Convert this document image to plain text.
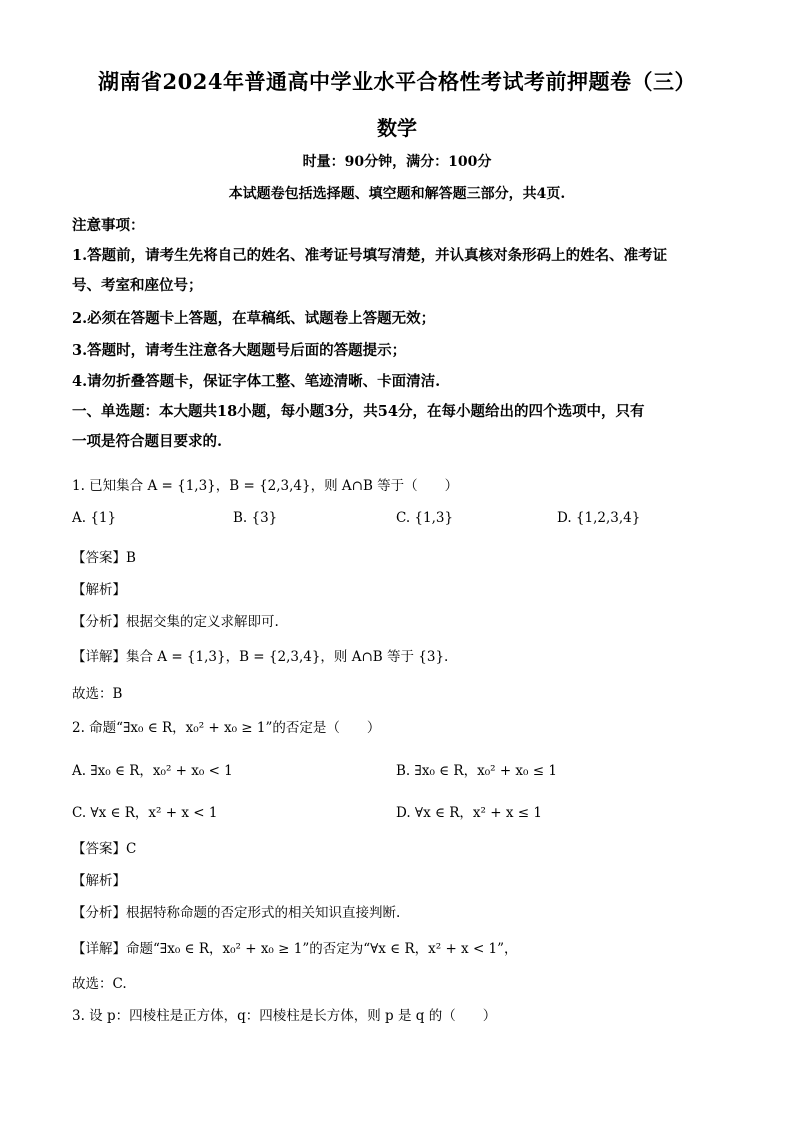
湖南省2024年普通高中学业水平合格性考试考前押题卷（三）
数学
时量：90分钟，满分：100分
本试题卷包括选择题、填空题和解答题三部分，共4页.
注意事项：
1.答题前，请考生先将自己的姓名、准考证号填写清楚，并认真核对条形码上的姓名、准考证
号、考室和座位号；
2.必须在答题卡上答题，在草稿纸、试题卷上答题无效；
3.答题时，请考生注意各大题题号后面的答题提示；
4.请勿折叠答题卡，保证字体工整、笔迹清晰、卡面清洁.
一、单选题：本大题共18小题，每小题3分，共54分，在每小题给出的四个选项中，只有
一项是符合题目要求的.
1. 已知集合 A = {1,3}，B = {2,3,4}，则 A∩B 等于（　　）
A. {1}	B. {3}	C. {1,3}	D. {1,2,3,4}
【答案】B
【解析】
【分析】根据交集的定义求解即可.
【详解】集合 A = {1,3}，B = {2,3,4}，则 A∩B 等于 {3}.
故选：B
2. 命题“∃x₀ ∈ R，x₀² + x₀ ≥ 1”的否定是（　　）
A. ∃x₀ ∈ R，x₀² + x₀ < 1	B. ∃x₀ ∈ R，x₀² + x₀ ≤ 1
C. ∀x ∈ R，x² + x < 1	D. ∀x ∈ R，x² + x ≤ 1
【答案】C
【解析】
【分析】根据特称命题的否定形式的相关知识直接判断.
【详解】命题“∃x₀ ∈ R，x₀² + x₀ ≥ 1”的否定为“∀x ∈ R，x² + x < 1”，
故选：C.
3. 设 p：四棱柱是正方体，q：四棱柱是长方体，则 p 是 q 的（　　）
